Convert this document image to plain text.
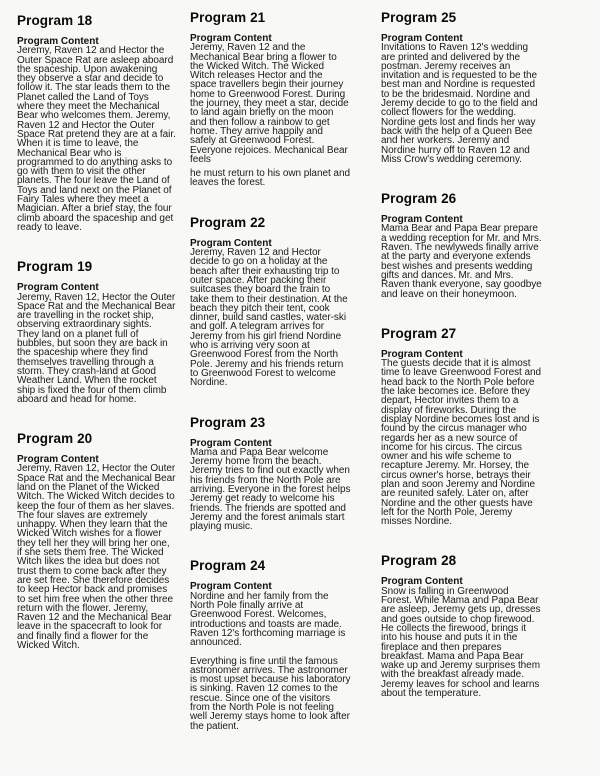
Program 18
Program Content

Jeremy, Raven 12 and Hector the Outer Space Rat are asleep aboard the spaceship. Upon awakening they observe a star and decide to follow it. The star leads them to the Planet called the Land of Toys where they meet the Mechanical Bear who welcomes them. Jeremy, Raven 12 and Hector the Outer Space Rat pretend they are at a fair. When it is time to leave, the Mechanical Bear who is programmed to do anything asks to go with them to visit the other planets. The four leave the Land of Toys and land next on the Planet of Fairy Tales where they meet a Magician. After a brief stay, the four climb aboard the spaceship and get ready to leave.

Program 19
Program Content

Jeremy, Raven 12, Hector the Outer Space Rat and the Mechanical Bear are travelling in the rocket ship, observing extraordinary sights. They land on a planet full of bubbles, but soon they are back in the spaceship where they find themselves travelling through a storm. They crash-land at Good Weather Land. When the rocket ship is fixed the four of them climb aboard and head for home.

Program 20
Program Content

Jeremy, Raven 12, Hector the Outer Space Rat and the Mechanical Bear land on the Planet of the Wicked Witch. The Wicked Witch decides to keep the four of them as her slaves. The four slaves are extremely unhappy. When they learn that the Wicked Witch wishes for a flower they tell her they will bring her one, if she sets them free. The Wicked Witch likes the idea but does not trust them to come back after they are set free. She therefore decides to keep Hector back and promises to set him free when the other three return with the flower. Jeremy, Raven 12 and the Mechanical Bear leave in the spacecraft to look for and finally find a flower for the Wicked Witch.

Program 21
Program Content

Jeremy, Raven 12 and the Mechanical Bear bring a flower to the Wicked Witch. The Wicked Witch releases Hector and the space travellers begin their journey home to Greenwood Forest. During the journey, they meet a star, decide to land again briefly on the moon and then follow a rainbow to get home. They arrive happily and safely at Greenwood Forest. Everyone rejoices. Mechanical Bear feels

he must return to his own planet and leaves the forest.

Program 22
Program Content

Jeremy, Raven 12 and Hector decide to go on a holiday at the beach after their exhausting trip to outer space. After packing their suitcases they board the train to take them to their destination. At the beach they pitch their tent, cook dinner, build sand castles, water-ski and golf. A telegram arrives for Jeremy from his girl friend Nordine who is arriving very soon at Greenwood Forest from the North Pole. Jeremy and his friends return to Greenwood Forest to welcome Nordine.

Program 23
Program Content

Mama and Papa Bear welcome Jeremy home from the beach. Jeremy tries to find out exactly when his friends from the North Pole are arriving. Everyone in the forest helps Jeremy get ready to welcome his friends. The friends are spotted and Jeremy and the forest animals start playing music.

Program 24
Program Content

Nordine and her family from the North Pole finally arrive at Greenwood Forest. Welcomes, introductions and toasts are made. Raven 12's forthcoming marriage is announced.

Everything is fine until the famous astronomer arrives. The astronomer is most upset because his laboratory is sinking. Raven 12 comes to the rescue. Since one of the visitors from the North Pole is not feeling well Jeremy stays home to look after the patient.

Program 25
Program Content

Invitations to Raven 12's wedding are printed and delivered by the postman. Jeremy receives an invitation and is requested to be the best man and Nordine is requested to be the bridesmaid. Nordine and Jeremy decide to go to the field and collect flowers for the wedding. Nordine gets lost and finds her way back with the help of a Queen Bee and her workers. Jeremy and Nordine hurry off to Raven 12 and Miss Crow's wedding ceremony.

Program 26
Program Content

Mama Bear and Papa Bear prepare a wedding reception for Mr. and Mrs. Raven. The newlyweds finally arrive at the party and everyone extends best wishes and presents wedding gifts and dances. Mr. and Mrs. Raven thank everyone, say goodbye and leave on their honeymoon.

Program 27
Program Content

The guests decide that it is almost time to leave Greenwood Forest and head back to the North Pole before the lake becomes ice. Before they depart, Hector invites them to a display of fireworks. During the display Nordine becomes lost and is found by the circus manager who regards her as a new source of income for his circus. The circus owner and his wife scheme to recapture Jeremy. Mr. Horsey, the circus owner's horse, betrays their plan and soon Jeremy and Nordine are reunited safely. Later on, after Nordine and the other guests have left for the North Pole, Jeremy misses Nordine.

Program 28
Program Content

Snow is falling in Greenwood Forest. While Mama and Papa Bear are asleep, Jeremy gets up, dresses and goes outside to chop firewood. He collects the firewood, brings it into his house and puts it in the fireplace and then prepares breakfast. Mama and Papa Bear wake up and Jeremy surprises them with the breakfast already made. Jeremy leaves for school and learns about the temperature.
